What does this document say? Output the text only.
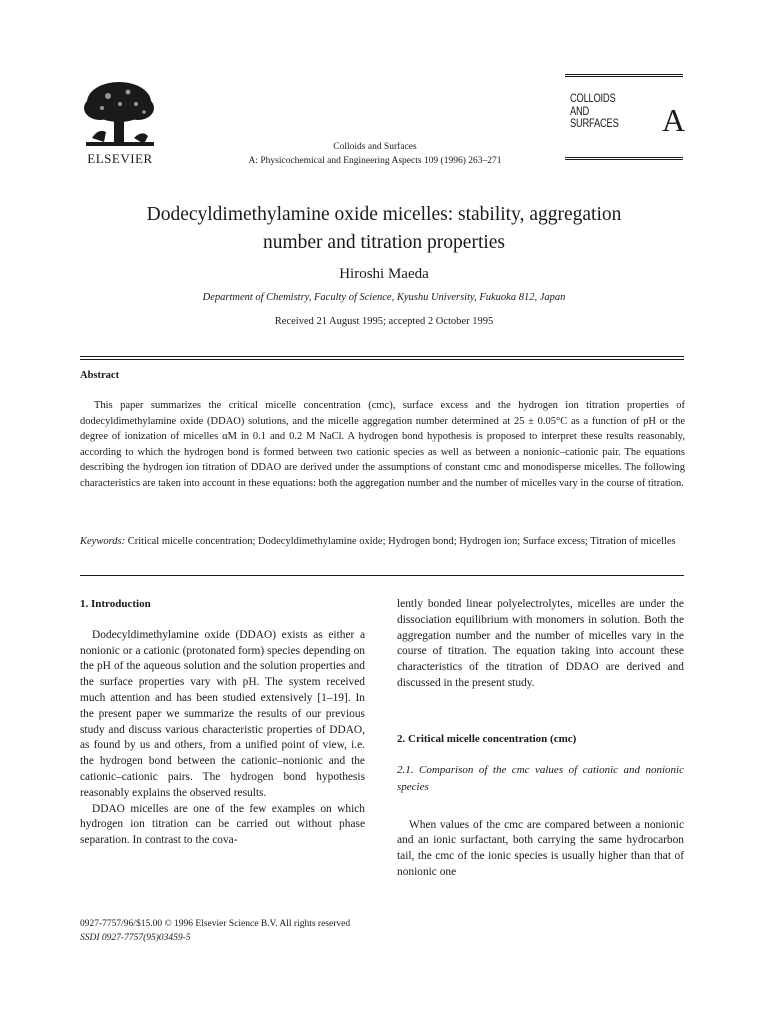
ELSEVIER
Colloids and Surfaces
A: Physicochemical and Engineering Aspects 109 (1996) 263–271
COLLOIDS
AND
SURFACES A
Dodecyldimethylamine oxide micelles: stability, aggregation
number and titration properties
Hiroshi Maeda
Department of Chemistry, Faculty of Science, Kyushu University, Fukuoka 812, Japan
Received 21 August 1995; accepted 2 October 1995
Abstract
This paper summarizes the critical micelle concentration (cmc), surface excess and the hydrogen ion titration properties of dodecyldimethylamine oxide (DDAO) solutions, and the micelle aggregation number determined at 25 ± 0.05°C as a function of pH or the degree of ionization of micelles αM in 0.1 and 0.2 M NaCl. A hydrogen bond hypothesis is proposed to interpret these results reasonably, according to which the hydrogen bond is formed between two cationic species as well as between a nonionic–cationic pair. The equations describing the hydrogen ion titration of DDAO are derived under the assumptions of constant cmc and monodisperse micelles. The following characteristics are taken into account in these equations: both the aggregation number and the number of micelles vary in the course of titration.
Keywords: Critical micelle concentration; Dodecyldimethylamine oxide; Hydrogen bond; Hydrogen ion; Surface excess; Titration of micelles

1. Introduction

Dodecyldimethylamine oxide (DDAO) exists as either a nonionic or a cationic (protonated form) species depending on the pH of the aqueous solution and the solution properties and the surface properties vary with pH. The system received much attention and has been studied extensively [1–19]. In the present paper we summarize the results of our previous study and discuss various characteristic properties of DDAO, as found by us and others, from a unified point of view, i.e. the hydrogen bond between the cationic–nonionic and the cationic–cationic pairs. The hydrogen bond hypothesis reasonably explains the observed results.

DDAO micelles are one of the few examples on which hydrogen ion titration can be carried out without phase separation. In contrast to the cova-

lently bonded linear polyelectrolytes, micelles are under the dissociation equilibrium with monomers in solution. Both the aggregation number and the number of micelles vary in the course of titration. The equation taking into account these characteristics of the titration of DDAO are derived and discussed in the present study.

2. Critical micelle concentration (cmc)

2.1. Comparison of the cmc values of cationic and nonionic species

When values of the cmc are compared between a nonionic and an ionic surfactant, both carrying the same hydrocarbon tail, the cmc of the ionic species is usually higher than that of nonionic one

0927-7757/96/$15.00 © 1996 Elsevier Science B.V. All rights reserved
SSDI 0927-7757(95)03459-5
